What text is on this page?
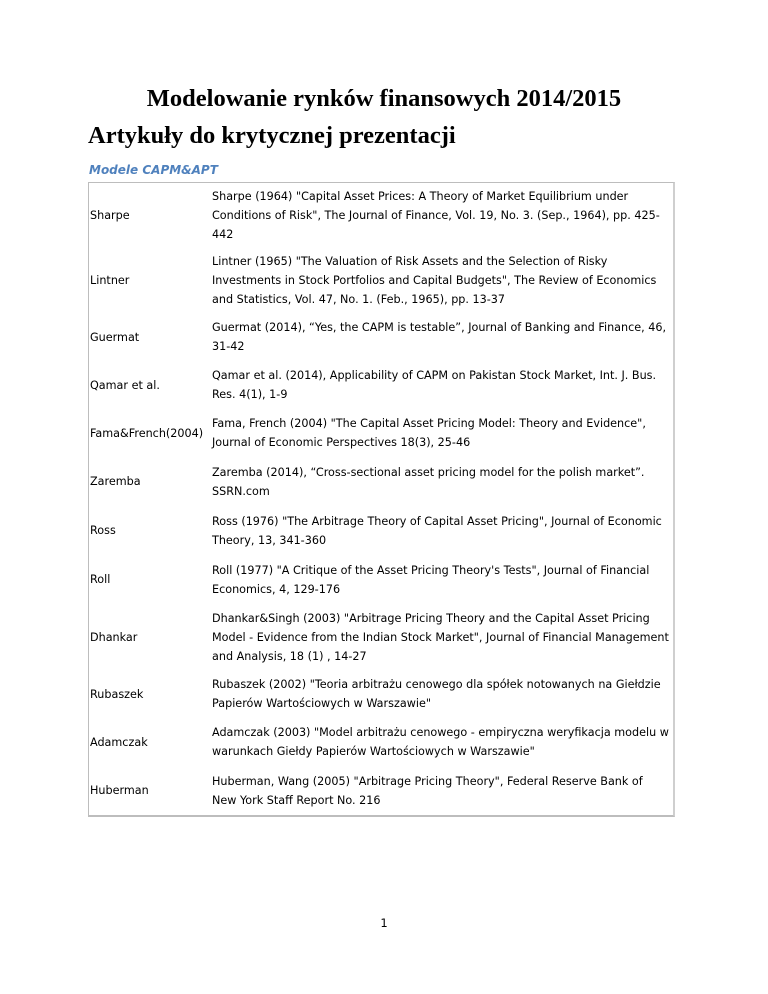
Modelowanie rynków finansowych 2014/2015
Artykuły do krytycznej prezentacji
Modele CAPM&APT
Sharpe
Sharpe (1964) "Capital Asset Prices: A Theory of Market Equilibrium under Conditions of Risk", The Journal of Finance, Vol. 19, No. 3. (Sep., 1964), pp. 425-442
Lintner
Lintner (1965) "The Valuation of Risk Assets and the Selection of Risky Investments in Stock Portfolios and Capital Budgets", The Review of Economics and Statistics, Vol. 47, No. 1. (Feb., 1965), pp. 13-37
Guermat
Guermat (2014), “Yes, the CAPM is testable”, Journal of Banking and Finance, 46, 31-42
Qamar et al.
Qamar et al. (2014), Applicability of CAPM on Pakistan Stock Market, Int. J. Bus. Res. 4(1), 1-9
Fama&French(2004)
Fama, French (2004) "The Capital Asset Pricing Model: Theory and Evidence", Journal of Economic Perspectives 18(3), 25-46
Zaremba
Zaremba (2014), “Cross-sectional asset pricing model for the polish market”. SSRN.com
Ross
Ross (1976) "The Arbitrage Theory of Capital Asset Pricing", Journal of Economic Theory, 13, 341-360
Roll
Roll (1977) "A Critique of the Asset Pricing Theory's Tests", Journal of Financial Economics, 4, 129-176
Dhankar
Dhankar&Singh (2003) "Arbitrage Pricing Theory and the Capital Asset Pricing Model - Evidence from the Indian Stock Market", Journal of Financial Management and Analysis, 18 (1) , 14-27
Rubaszek
Rubaszek (2002) "Teoria arbitrażu cenowego dla spółek notowanych na Giełdzie Papierów Wartościowych w Warszawie"
Adamczak
Adamczak (2003) "Model arbitrażu cenowego - empiryczna weryfikacja modelu w warunkach Giełdy Papierów Wartościowych w Warszawie"
Huberman
Huberman, Wang (2005) "Arbitrage Pricing Theory", Federal Reserve Bank of New York Staff Report No. 216
1
